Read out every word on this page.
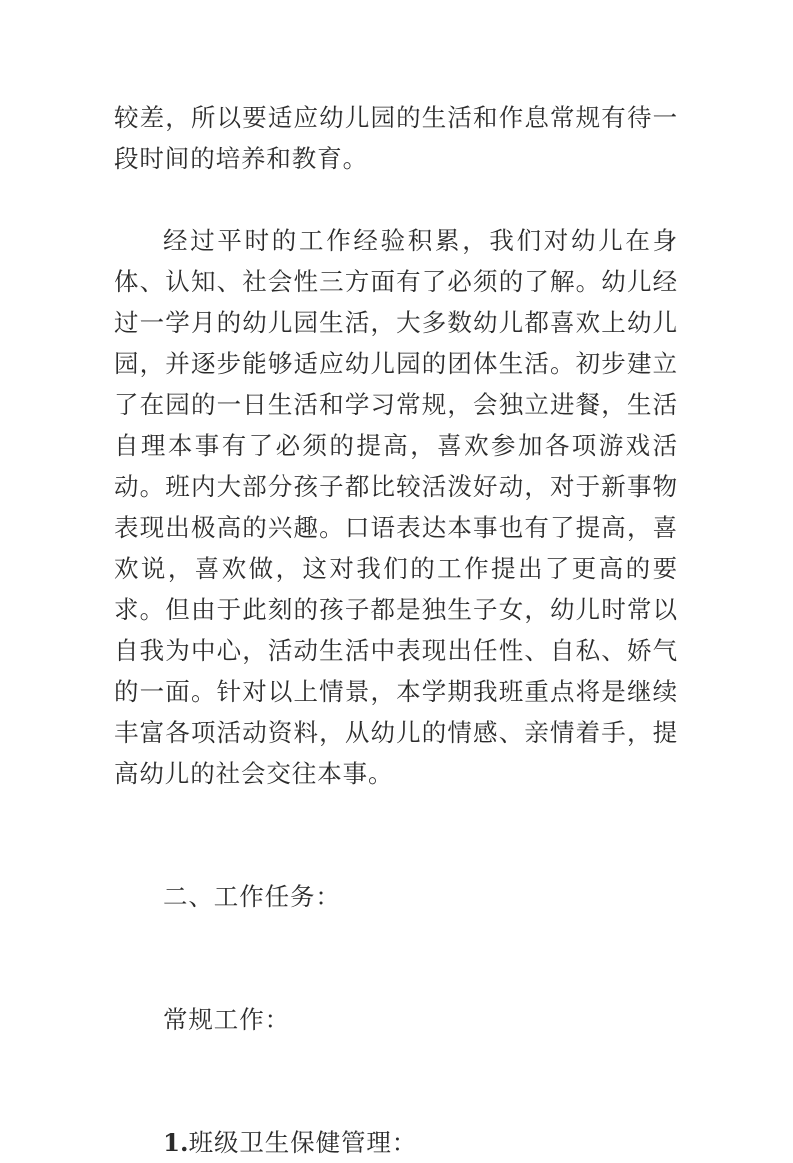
较差，所以要适应幼儿园的生活和作息常规有待一段时间的培养和教育。

经过平时的工作经验积累，我们对幼儿在身体、认知、社会性三方面有了必须的了解。幼儿经过一学月的幼儿园生活，大多数幼儿都喜欢上幼儿园，并逐步能够适应幼儿园的团体生活。初步建立了在园的一日生活和学习常规，会独立进餐，生活自理本事有了必须的提高，喜欢参加各项游戏活动。班内大部分孩子都比较活泼好动，对于新事物表现出极高的兴趣。口语表达本事也有了提高，喜欢说，喜欢做，这对我们的工作提出了更高的要求。但由于此刻的孩子都是独生子女，幼儿时常以自我为中心，活动生活中表现出任性、自私、娇气的一面。针对以上情景，本学期我班重点将是继续丰富各项活动资料，从幼儿的情感、亲情着手，提高幼儿的社会交往本事。

二、工作任务：

常规工作：

1.班级卫生保健管理：
